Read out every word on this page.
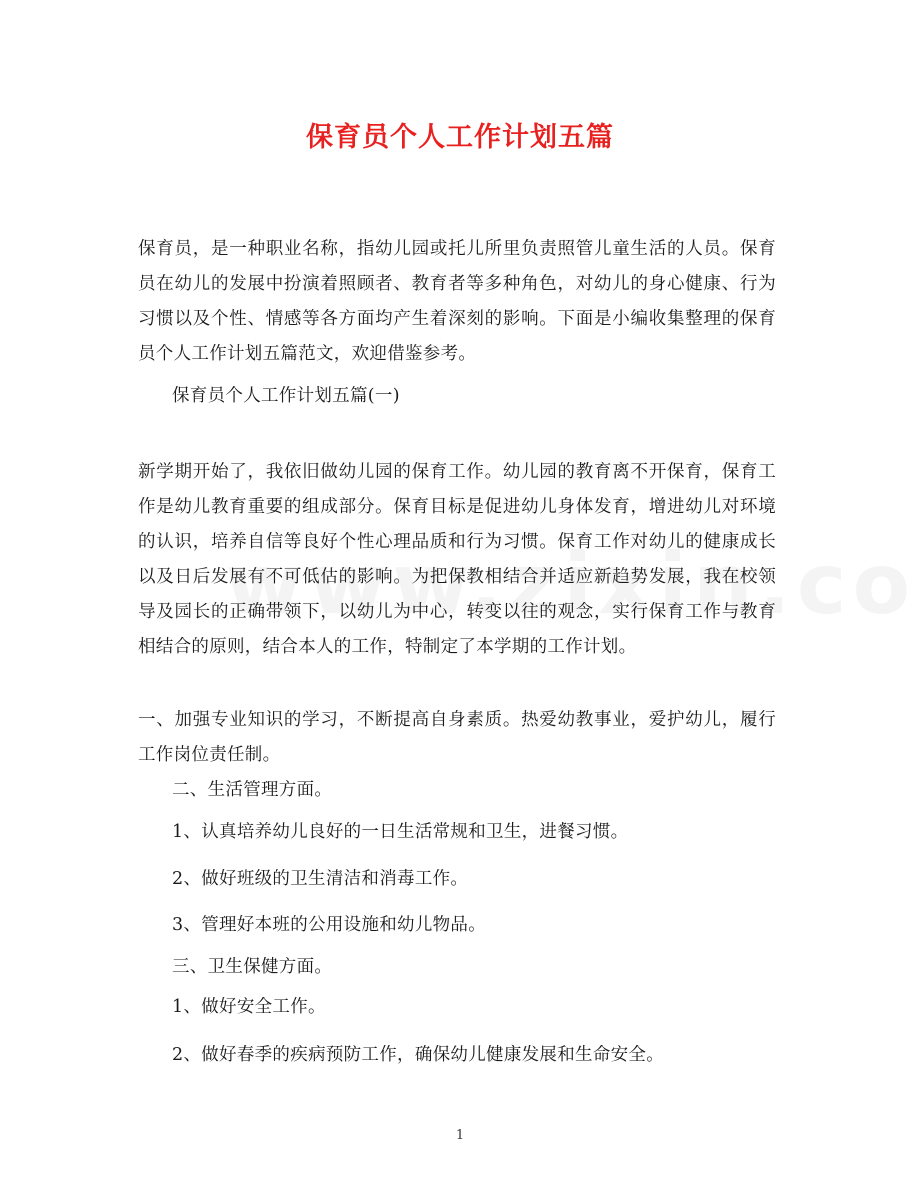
保育员个人工作计划五篇
保育员，是一种职业名称，指幼儿园或托儿所里负责照管儿童生活的人员。保育员在幼儿的发展中扮演着照顾者、教育者等多种角色，对幼儿的身心健康、行为习惯以及个性、情感等各方面均产生着深刻的影响。下面是小编收集整理的保育员个人工作计划五篇范文，欢迎借鉴参考。
保育员个人工作计划五篇(一)
新学期开始了，我依旧做幼儿园的保育工作。幼儿园的教育离不开保育，保育工作是幼儿教育重要的组成部分。保育目标是促进幼儿身体发育，增进幼儿对环境的认识，培养自信等良好个性心理品质和行为习惯。保育工作对幼儿的健康成长以及日后发展有不可低估的影响。为把保教相结合并适应新趋势发展，我在校领导及园长的正确带领下，以幼儿为中心，转变以往的观念，实行保育工作与教育相结合的原则，结合本人的工作，特制定了本学期的工作计划。
一、加强专业知识的学习，不断提高自身素质。热爱幼教事业，爱护幼儿，履行工作岗位责任制。
二、生活管理方面。
1、认真培养幼儿良好的一日生活常规和卫生，进餐习惯。
2、做好班级的卫生清洁和消毒工作。
3、管理好本班的公用设施和幼儿物品。
三、卫生保健方面。
1、做好安全工作。
2、做好春季的疾病预防工作，确保幼儿健康发展和生命安全。
1
